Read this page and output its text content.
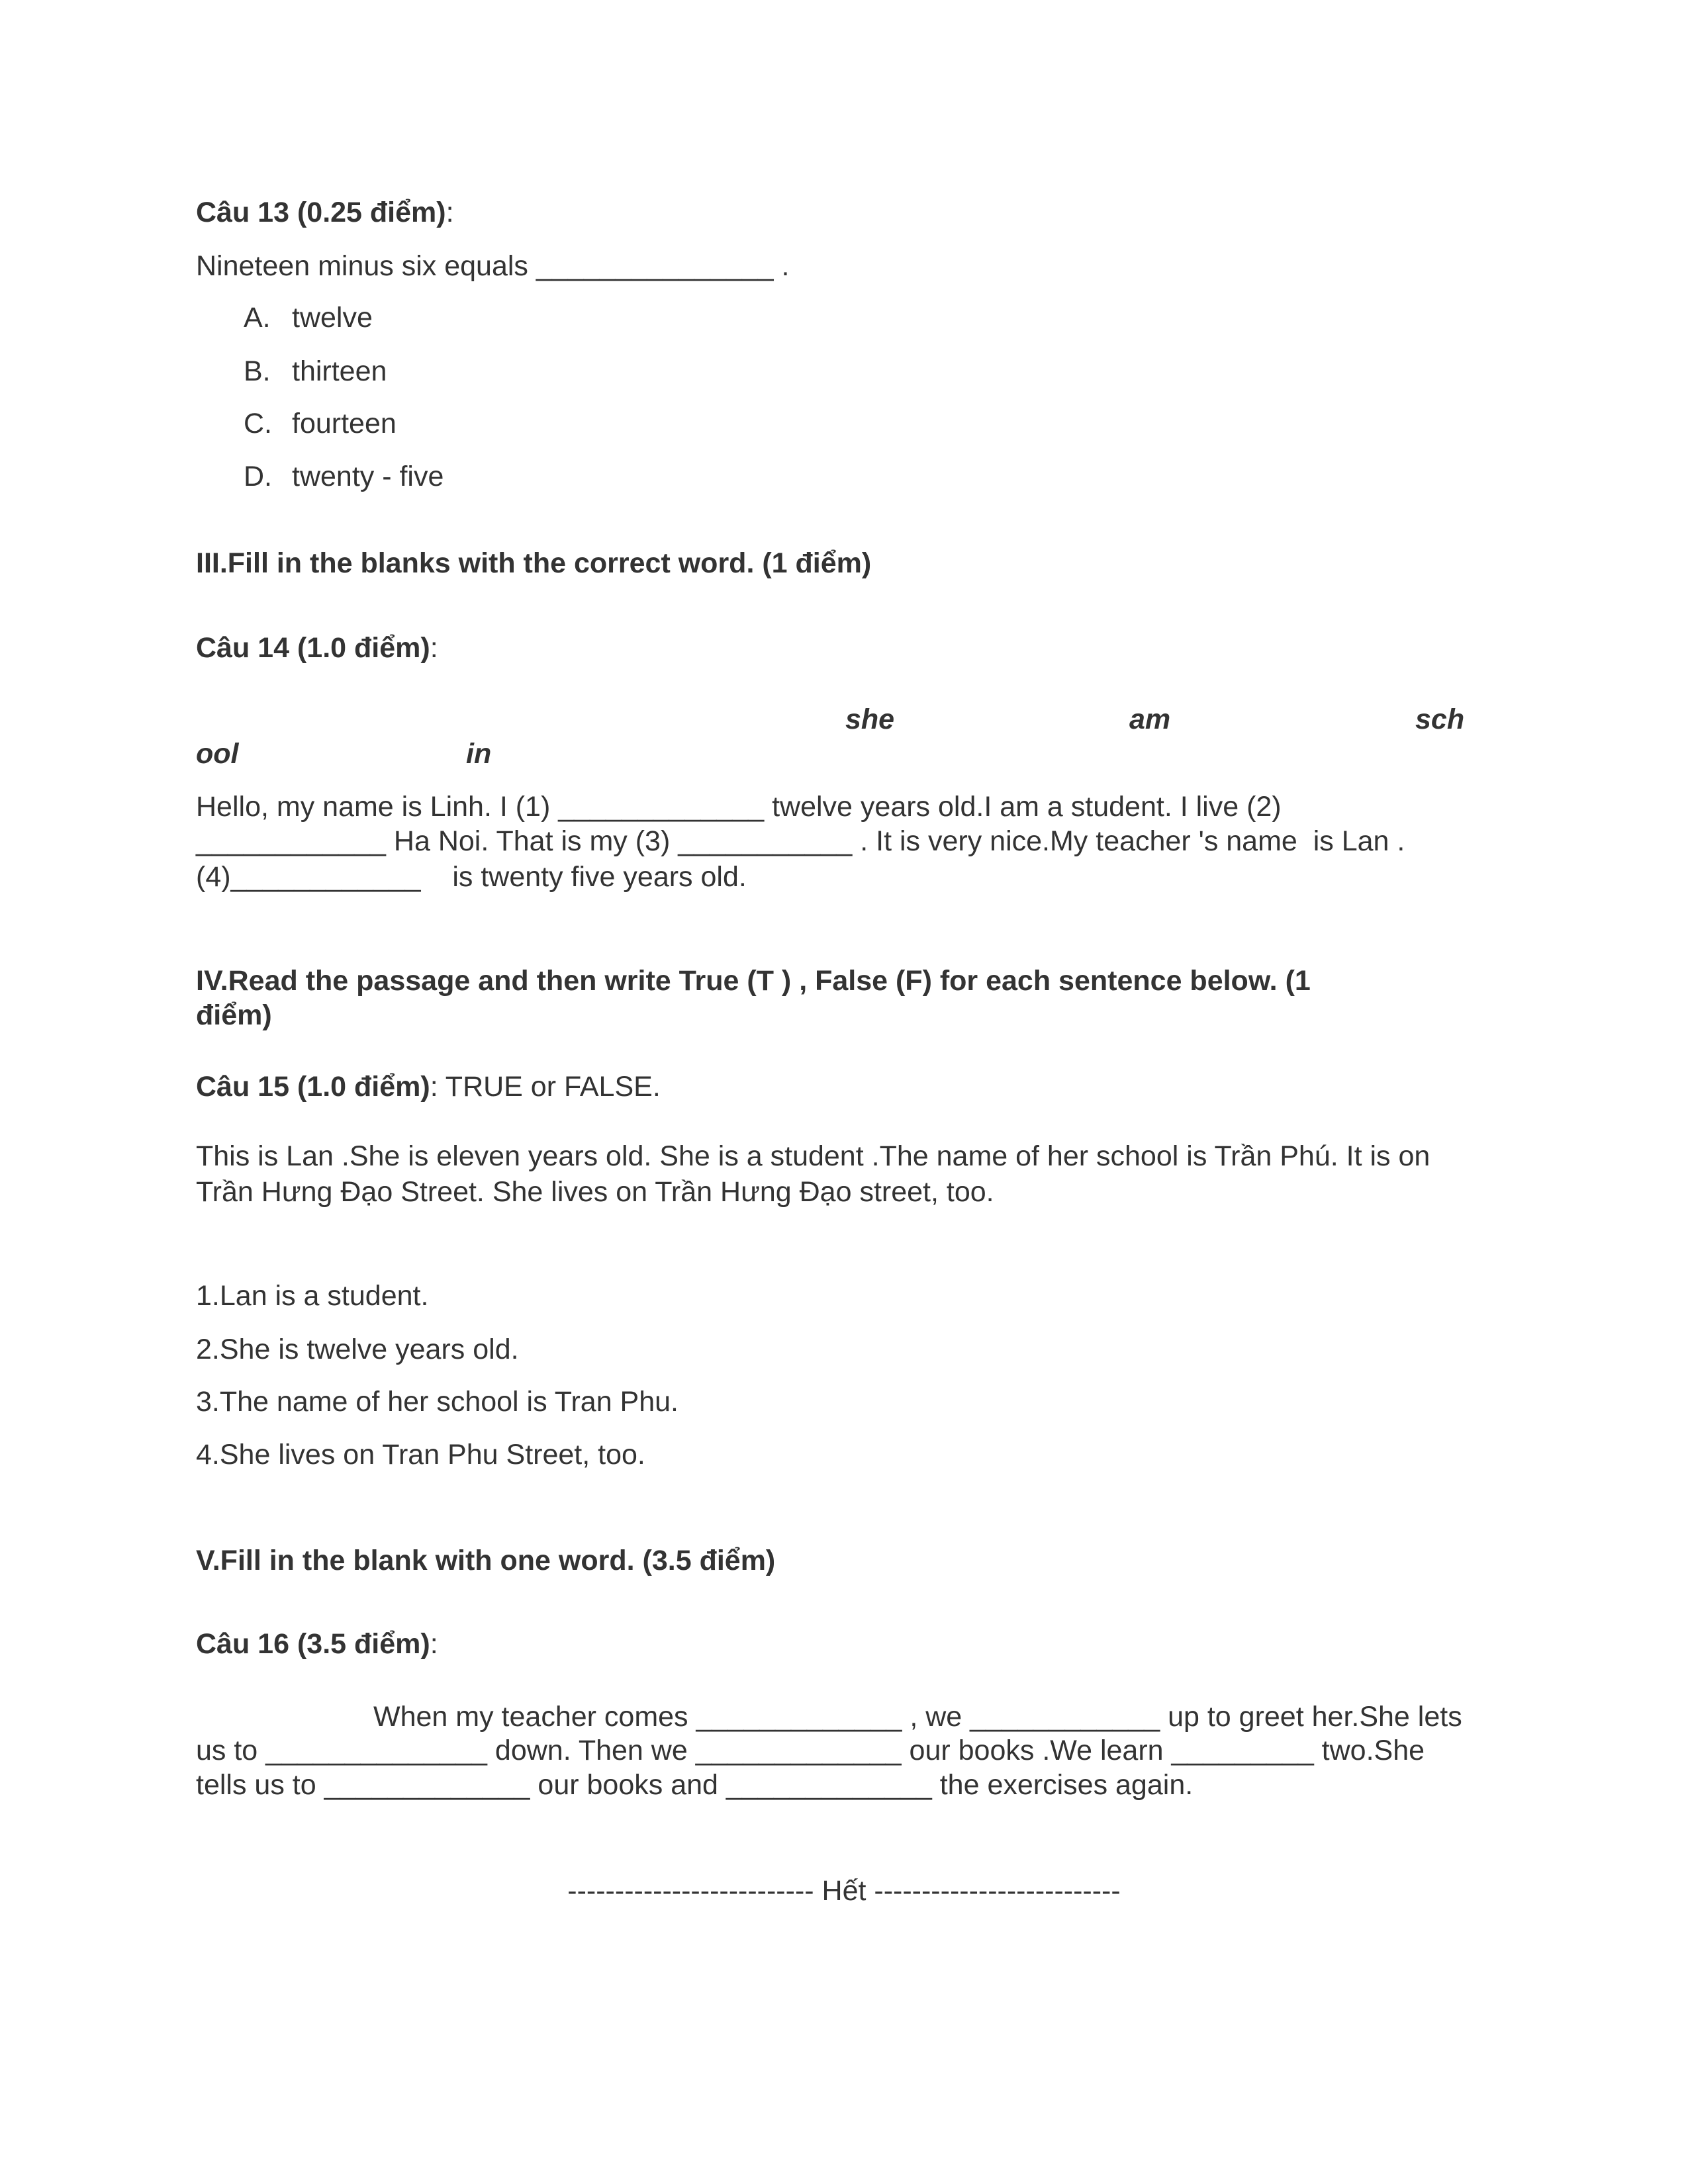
Câu 13 (0.25 điểm):
Nineteen minus six equals _______________ .
A. twelve
B. thirteen
C. fourteen
D. twenty - five
III.Fill in the blanks with the correct word. (1 điểm)
Câu 14 (1.0 điểm):
she	am	sch
ool	in
Hello, my name is Linh. I (1) _____________ twelve years old.I am a student. I live (2)
____________ Ha Noi. That is my (3) ___________ . It is very nice.My teacher 's name  is Lan .
(4)____________    is twenty five years old.
IV.Read the passage and then write True (T ) , False (F) for each sentence below. (1
điểm)
Câu 15 (1.0 điểm): TRUE or FALSE.
This is Lan .She is eleven years old. She is a student .The name of her school is Trần Phú. It is on
Trần Hưng Đạo Street. She lives on Trần Hưng Đạo street, too.
1.Lan is a student.
2.She is twelve years old.
3.The name of her school is Tran Phu.
4.She lives on Tran Phu Street, too.
V.Fill in the blank with one word. (3.5 điểm)
Câu 16 (3.5 điểm):
When my teacher comes _____________ , we ____________ up to greet her.She lets
us to ______________ down. Then we _____________ our books .We learn _________ two.She
tells us to _____________ our books and _____________ the exercises again.
-------------------------- Hết --------------------------
